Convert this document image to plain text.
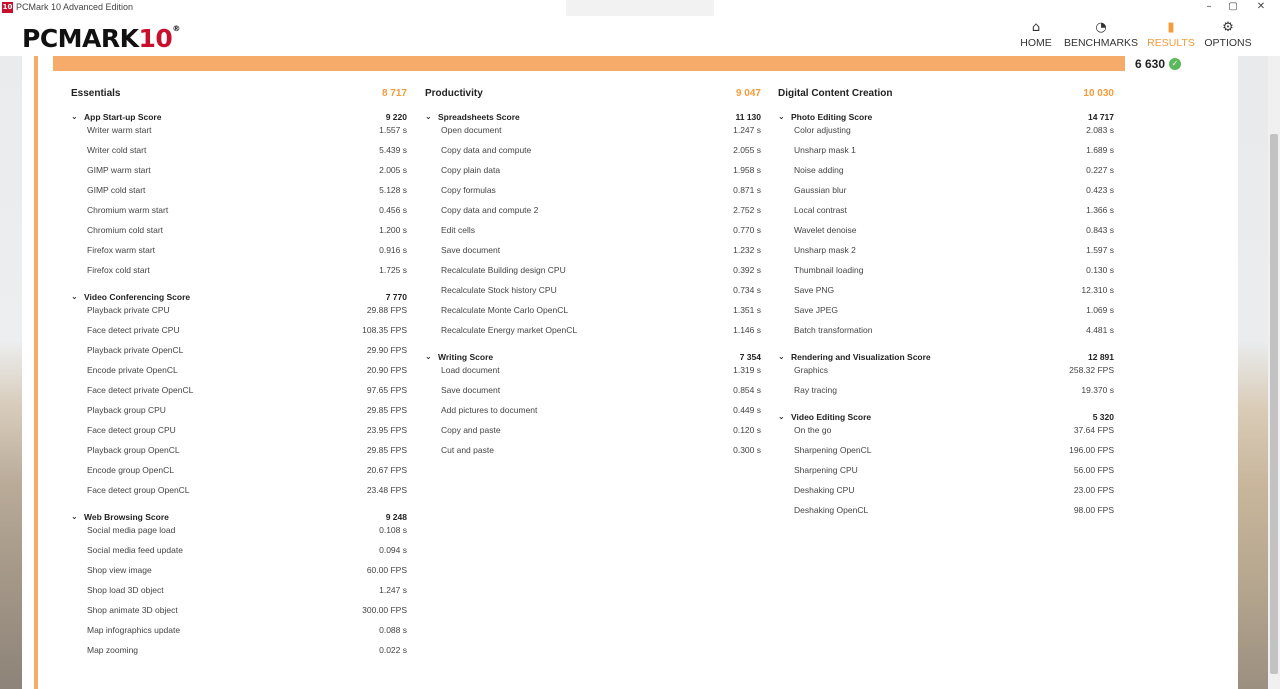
10 PCMark 10 Advanced Edition	–	▢	✕
PCMARK10®	⌂
HOME
◔
BENCHMARKS
▮
RESULTS
⚙
OPTIONS
6 630 ✓
Essentials	8 717
⌄ App Start-up Score	9 220
Writer warm start	1.557 s
Writer cold start	5.439 s
GIMP warm start	2.005 s
GIMP cold start	5.128 s
Chromium warm start	0.456 s
Chromium cold start	1.200 s
Firefox warm start	0.916 s
Firefox cold start	1.725 s
⌄ Video Conferencing Score	7 770
Playback private CPU	29.88 FPS
Face detect private CPU	108.35 FPS
Playback private OpenCL	29.90 FPS
Encode private OpenCL	20.90 FPS
Face detect private OpenCL	97.65 FPS
Playback group CPU	29.85 FPS
Face detect group CPU	23.95 FPS
Playback group OpenCL	29.85 FPS
Encode group OpenCL	20.67 FPS
Face detect group OpenCL	23.48 FPS
⌄ Web Browsing Score	9 248
Social media page load	0.108 s
Social media feed update	0.094 s
Shop view image	60.00 FPS
Shop load 3D object	1.247 s
Shop animate 3D object	300.00 FPS
Map infographics update	0.088 s
Map zooming	0.022 s
Productivity	9 047
⌄ Spreadsheets Score	11 130
Open document	1.247 s
Copy data and compute	2.055 s
Copy plain data	1.958 s
Copy formulas	0.871 s
Copy data and compute 2	2.752 s
Edit cells	0.770 s
Save document	1.232 s
Recalculate Building design CPU	0.392 s
Recalculate Stock history CPU	0.734 s
Recalculate Monte Carlo OpenCL	1.351 s
Recalculate Energy market OpenCL	1.146 s
⌄ Writing Score	7 354
Load document	1.319 s
Save document	0.854 s
Add pictures to document	0.449 s
Copy and paste	0.120 s
Cut and paste	0.300 s
Digital Content Creation	10 030
⌄ Photo Editing Score	14 717
Color adjusting	2.083 s
Unsharp mask 1	1.689 s
Noise adding	0.227 s
Gaussian blur	0.423 s
Local contrast	1.366 s
Wavelet denoise	0.843 s
Unsharp mask 2	1.597 s
Thumbnail loading	0.130 s
Save PNG	12.310 s
Save JPEG	1.069 s
Batch transformation	4.481 s
⌄ Rendering and Visualization Score	12 891
Graphics	258.32 FPS
Ray tracing	19.370 s
⌄ Video Editing Score	5 320
On the go	37.64 FPS
Sharpening OpenCL	196.00 FPS
Sharpening CPU	56.00 FPS
Deshaking CPU	23.00 FPS
Deshaking OpenCL	98.00 FPS
